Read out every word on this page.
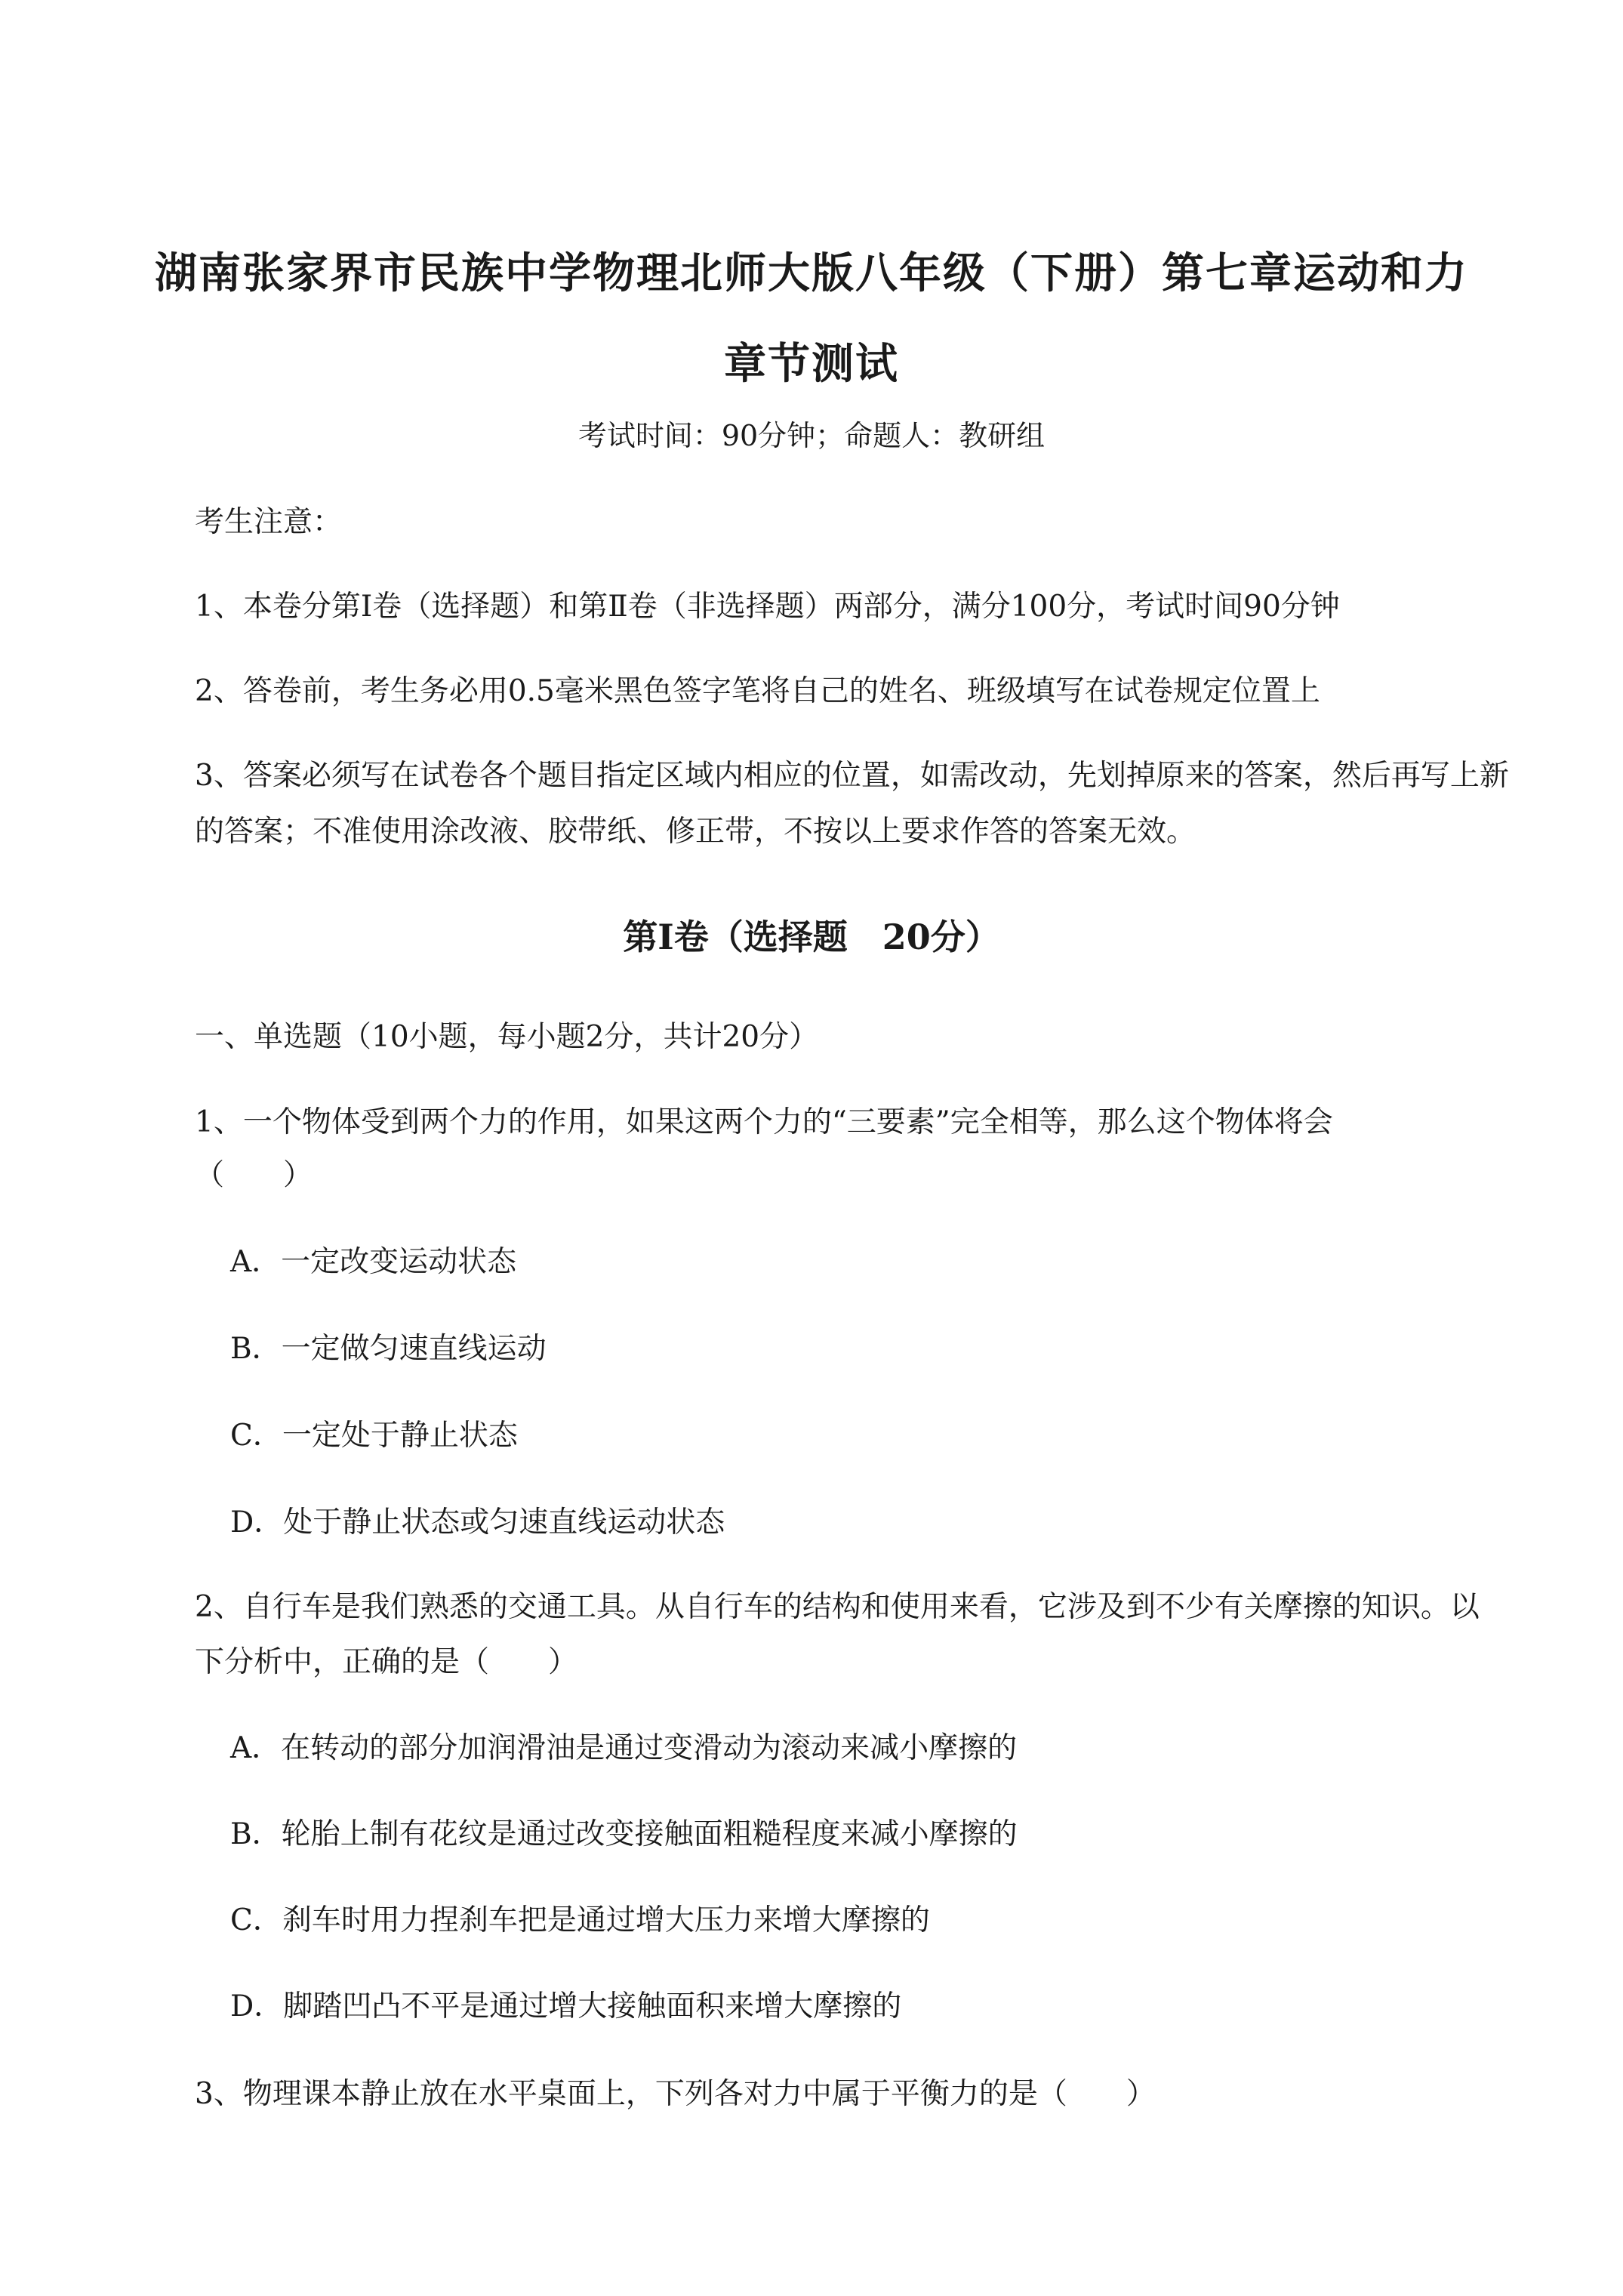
湖南张家界市民族中学物理北师大版八年级（下册）第七章运动和力
章节测试
考试时间：90分钟；命题人：教研组
考生注意：
1、本卷分第Ⅰ卷（选择题）和第Ⅱ卷（非选择题）两部分，满分100分，考试时间90分钟
2、答卷前，考生务必用0.5毫米黑色签字笔将自己的姓名、班级填写在试卷规定位置上
3、答案必须写在试卷各个题目指定区域内相应的位置，如需改动，先划掉原来的答案，然后再写上新
的答案；不准使用涂改液、胶带纸、修正带，不按以上要求作答的答案无效。
第Ⅰ卷（选择题　20分）
一、单选题（10小题，每小题2分，共计20分）
1、一个物体受到两个力的作用，如果这两个力的“三要素”完全相等，那么这个物体将会
（　　）
A．一定改变运动状态
B．一定做匀速直线运动
C．一定处于静止状态
D．处于静止状态或匀速直线运动状态
2、自行车是我们熟悉的交通工具。从自行车的结构和使用来看，它涉及到不少有关摩擦的知识。以
下分析中，正确的是（　　）
A．在转动的部分加润滑油是通过变滑动为滚动来减小摩擦的
B．轮胎上制有花纹是通过改变接触面粗糙程度来减小摩擦的
C．刹车时用力捏刹车把是通过增大压力来增大摩擦的
D．脚踏凹凸不平是通过增大接触面积来增大摩擦的
3、物理课本静止放在水平桌面上，下列各对力中属于平衡力的是（　　）
